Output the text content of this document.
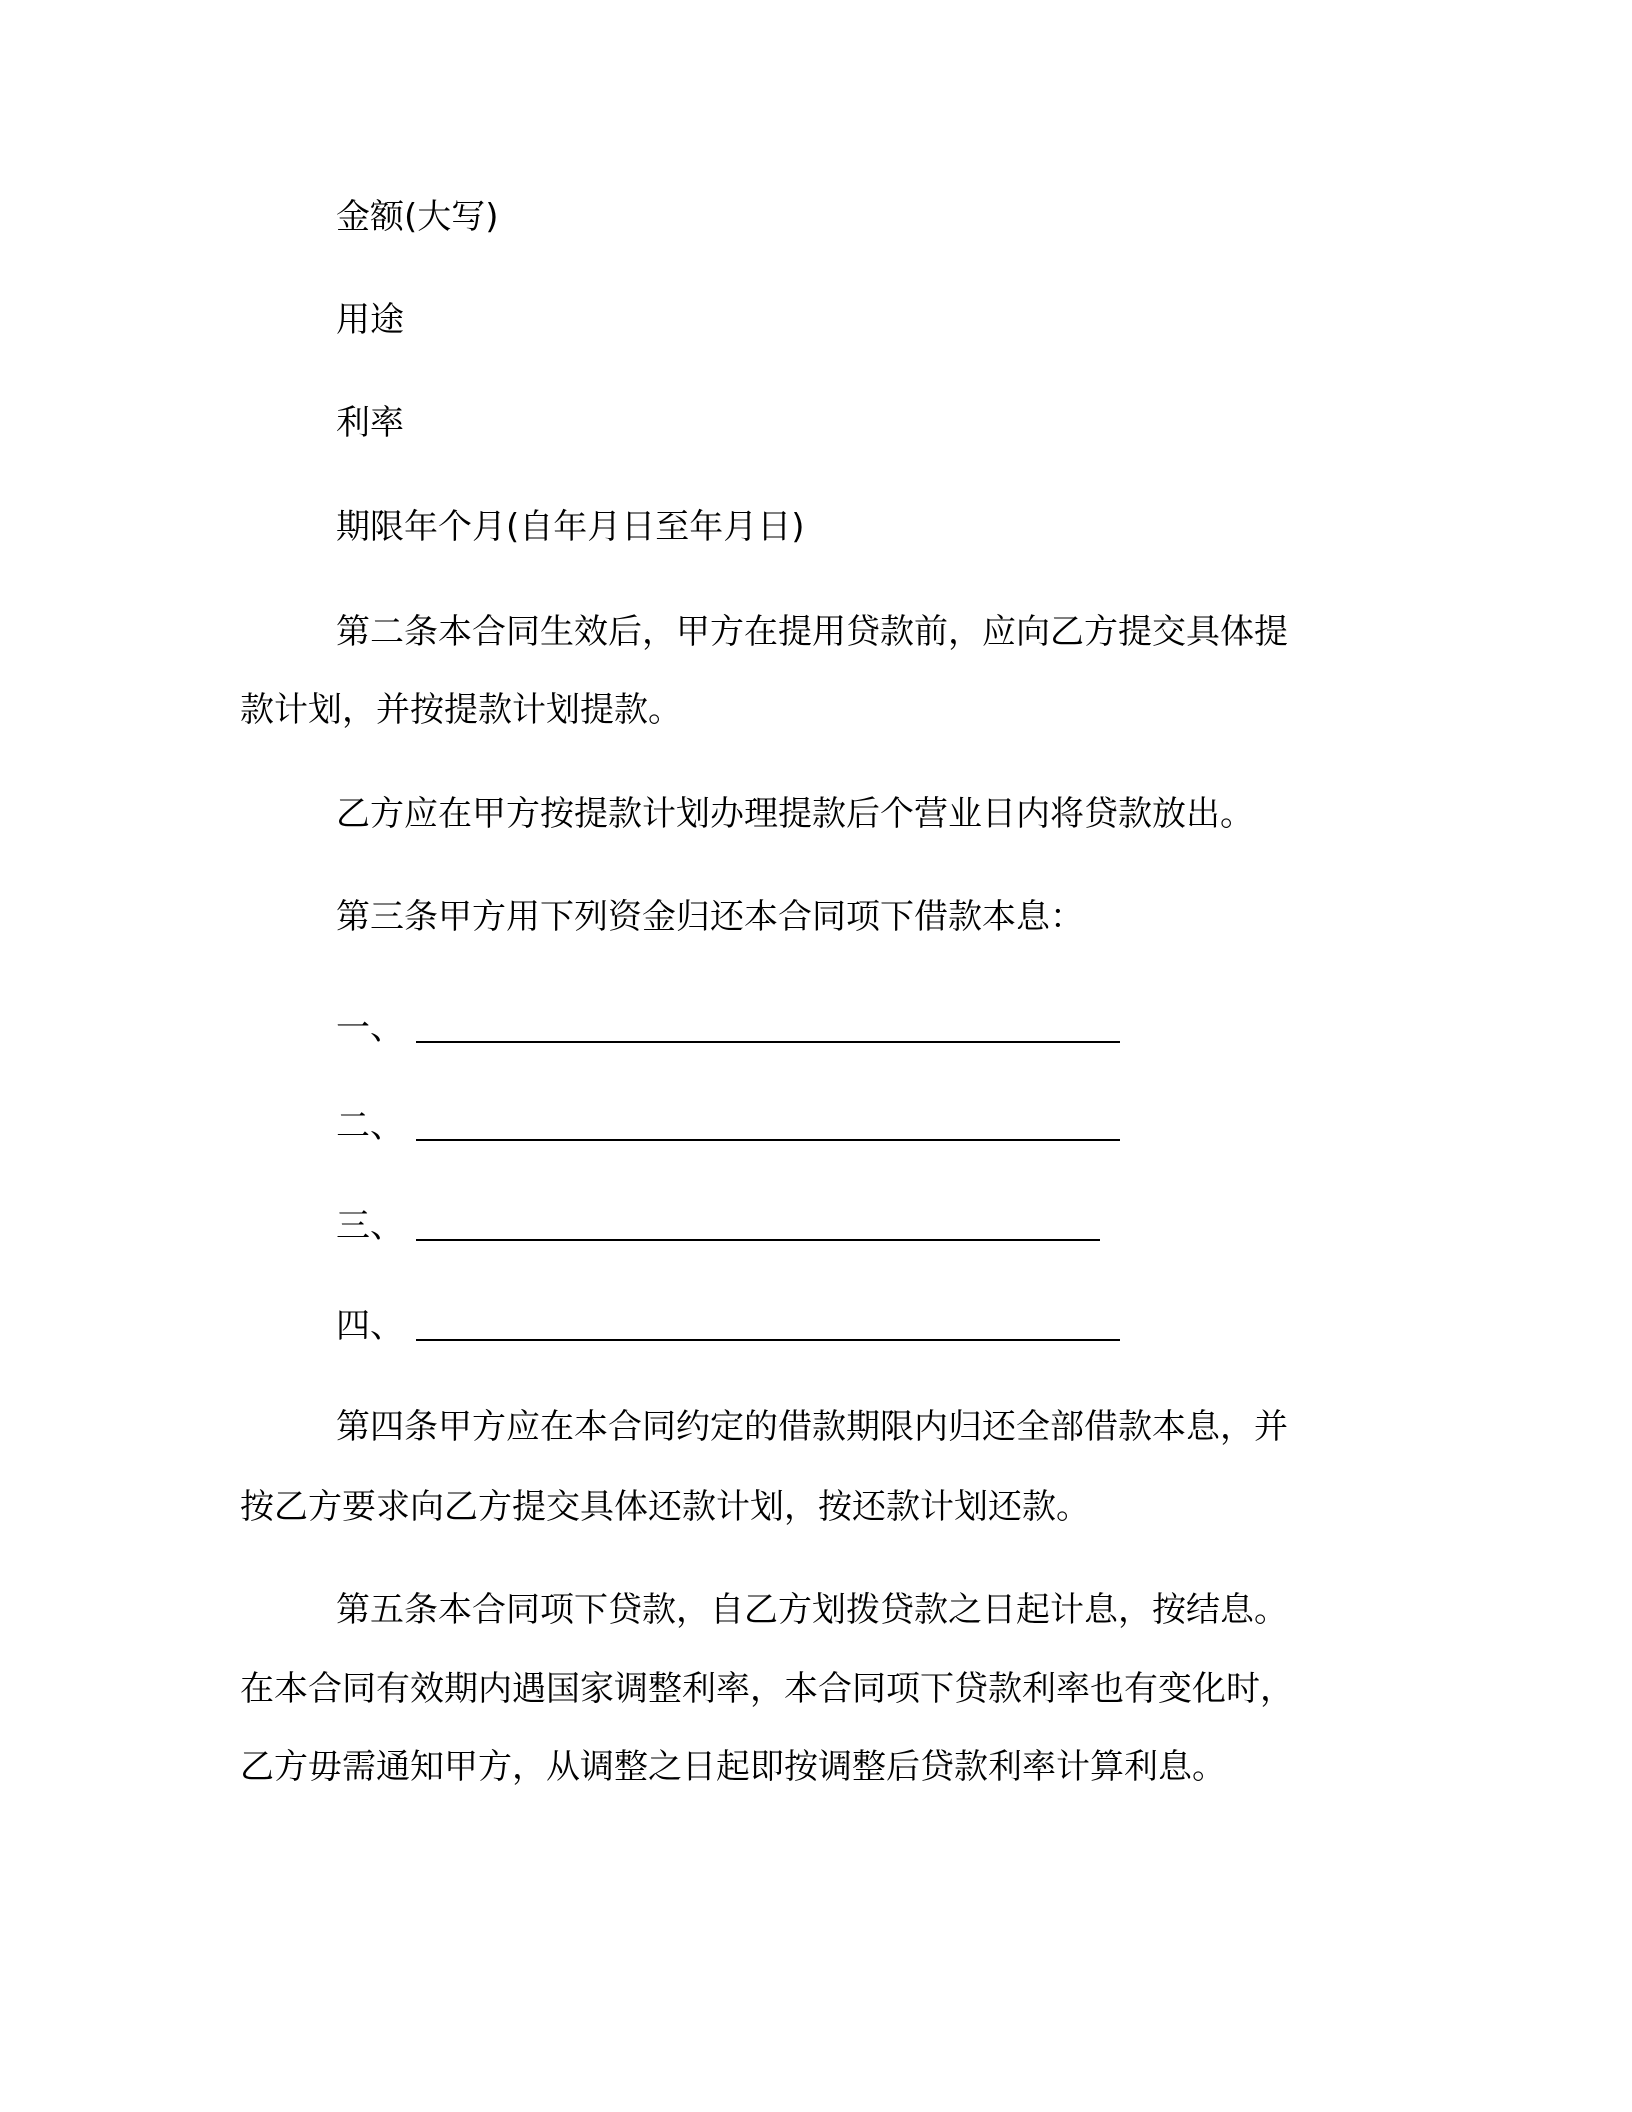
金额(大写)
用途
利率
期限年个月(自年月日至年月日)
第二条本合同生效后，甲方在提用贷款前，应向乙方提交具体提
款计划，并按提款计划提款。
乙方应在甲方按提款计划办理提款后个营业日内将贷款放出。
第三条甲方用下列资金归还本合同项下借款本息：
一、
二、
三、
四、
第四条甲方应在本合同约定的借款期限内归还全部借款本息，并
按乙方要求向乙方提交具体还款计划，按还款计划还款。
第五条本合同项下贷款，自乙方划拨贷款之日起计息，按结息。
在本合同有效期内遇国家调整利率，本合同项下贷款利率也有变化时，
乙方毋需通知甲方，从调整之日起即按调整后贷款利率计算利息。
